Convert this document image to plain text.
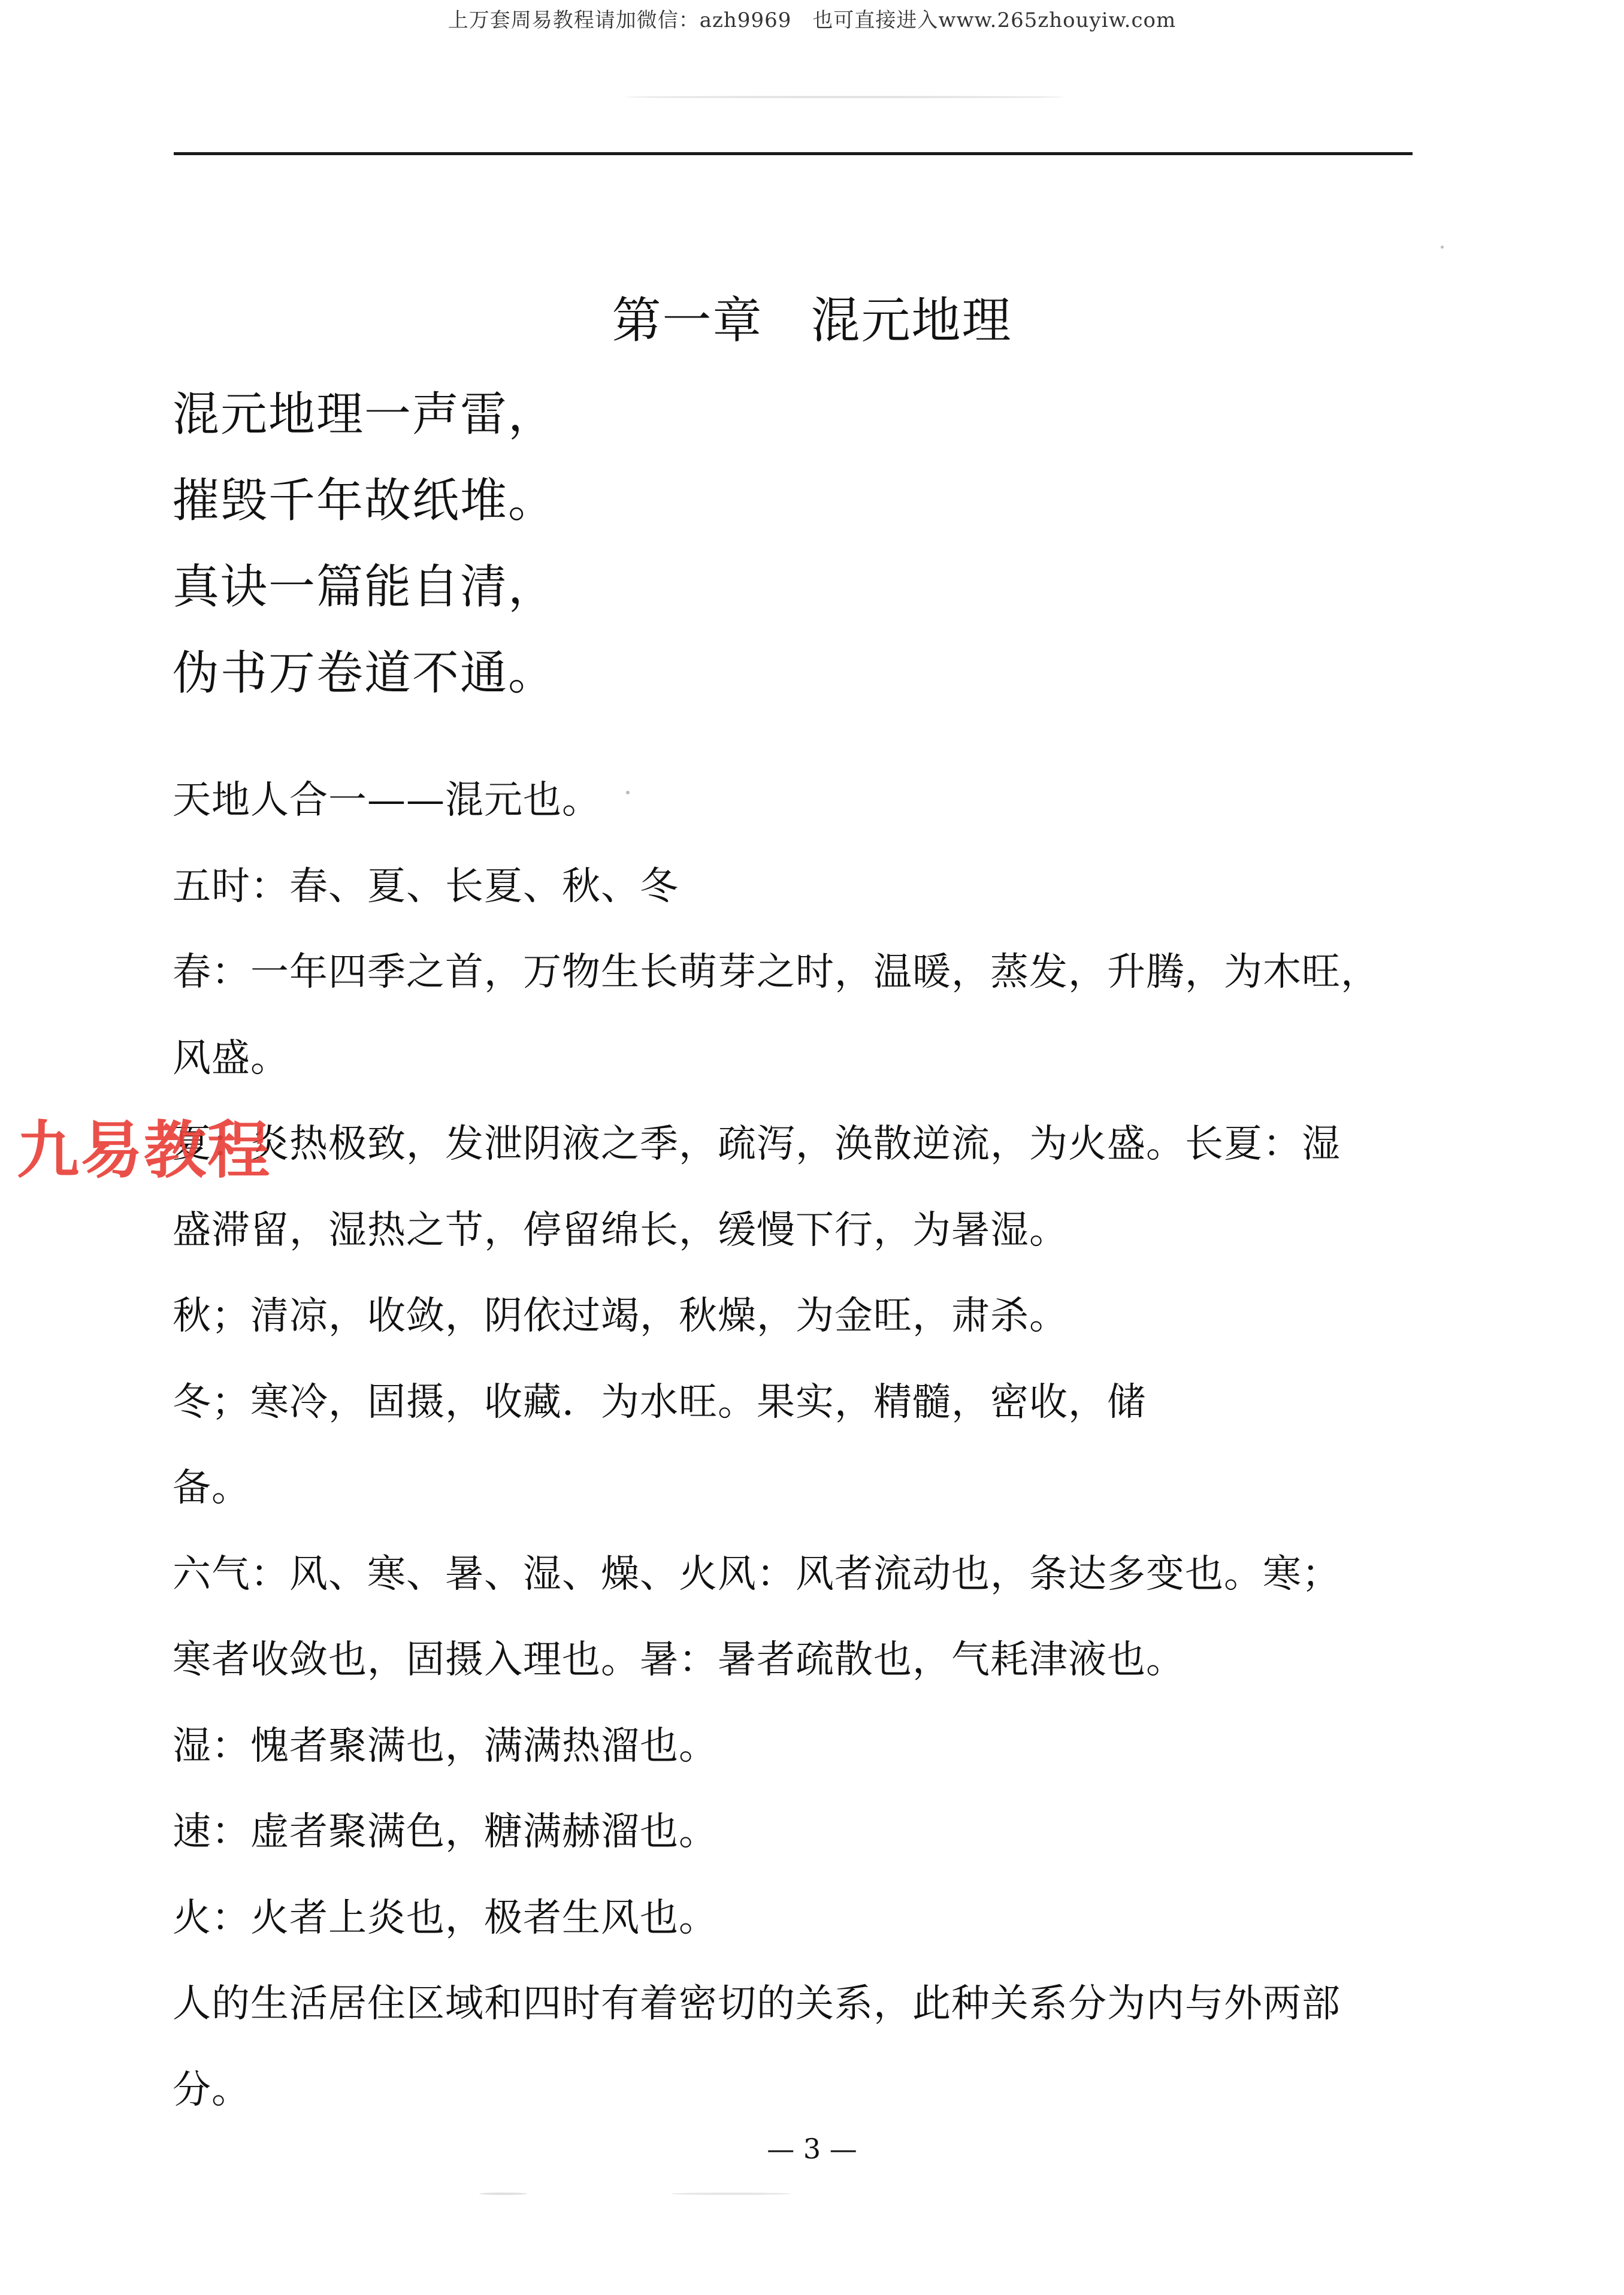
上万套周易教程请加微信：azh9969　也可直接进入www.265zhouyiw.com
第一章 混元地理
混元地理一声雷，
摧毁千年故纸堆。
真诀一篇能自清，
伪书万卷道不通。
天地人合一——混元也。
五时：春、夏、长夏、秋、冬
春：一年四季之首，万物生长萌芽之时，温暖，蒸发，升腾，为木旺，
风盛。
夏：炎热极致，发泄阴液之季，疏泻，涣散逆流，为火盛。长夏：湿
盛滞留，湿热之节，停留绵长，缓慢下行，为暑湿。
秋；清凉，收敛，阴依过竭，秋燥，为金旺，肃杀。
冬；寒冷，固摄，收藏．为水旺。果实，精髓，密收，储
备。
六气：风、寒、暑、湿、燥、火风：风者流动也，条达多变也。寒；
寒者收敛也，固摄入理也。暑：暑者疏散也，气耗津液也。
湿：愧者聚满也，满满热溜也。
速：虚者聚满色，糖满赫溜也。
火：火者上炎也，极者生风也。
人的生活居住区域和四时有着密切的关系，此种关系分为内与外两部
分。
— 3 —
九易教程
